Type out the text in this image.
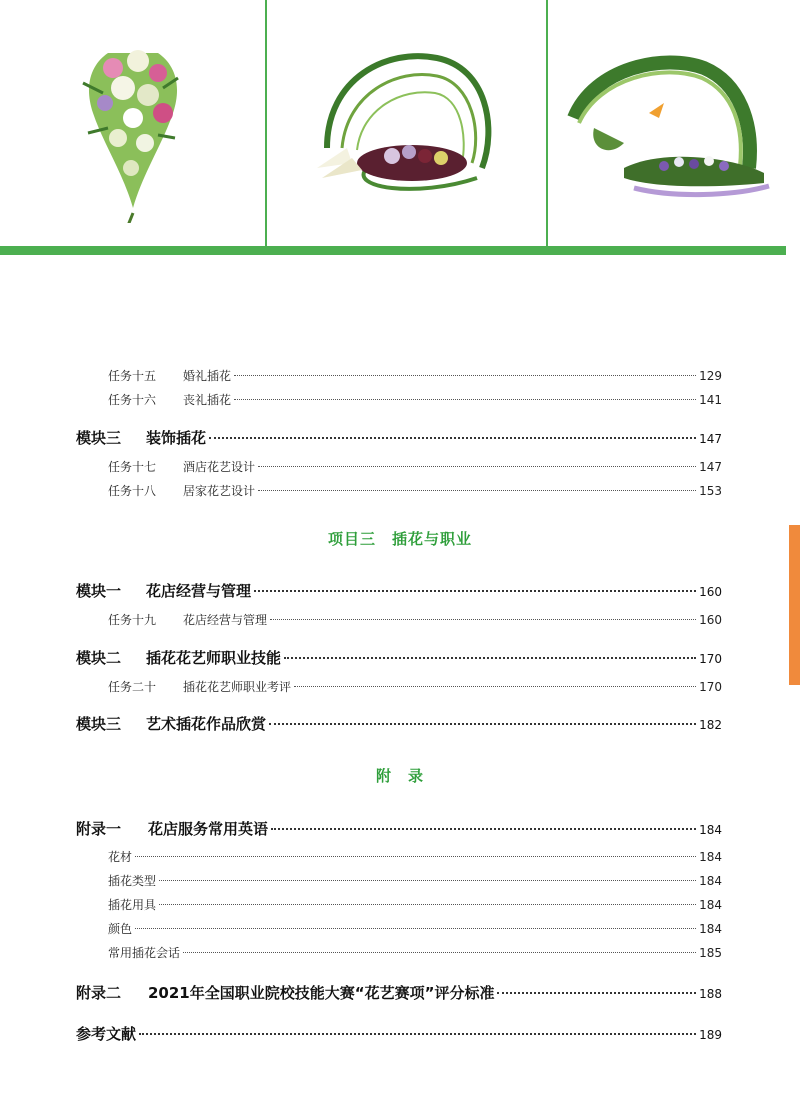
任务十五	婚礼插花	129
任务十六	丧礼插花	141
模块三	装饰插花	147
任务十七	酒店花艺设计	147
任务十八	居家花艺设计	153
项目三　插花与职业
模块一	花店经营与管理	160
任务十九	花店经营与管理	160
模块二	插花花艺师职业技能	170
任务二十	插花花艺师职业考评	170
模块三	艺术插花作品欣赏	182
附　录
附录一	花店服务常用英语	184
花材	184
插花类型	184
插花用具	184
颜色	184
常用插花会话	185
附录二	2021年全国职业院校技能大赛“花艺赛项”评分标准	188
参考文献	189
